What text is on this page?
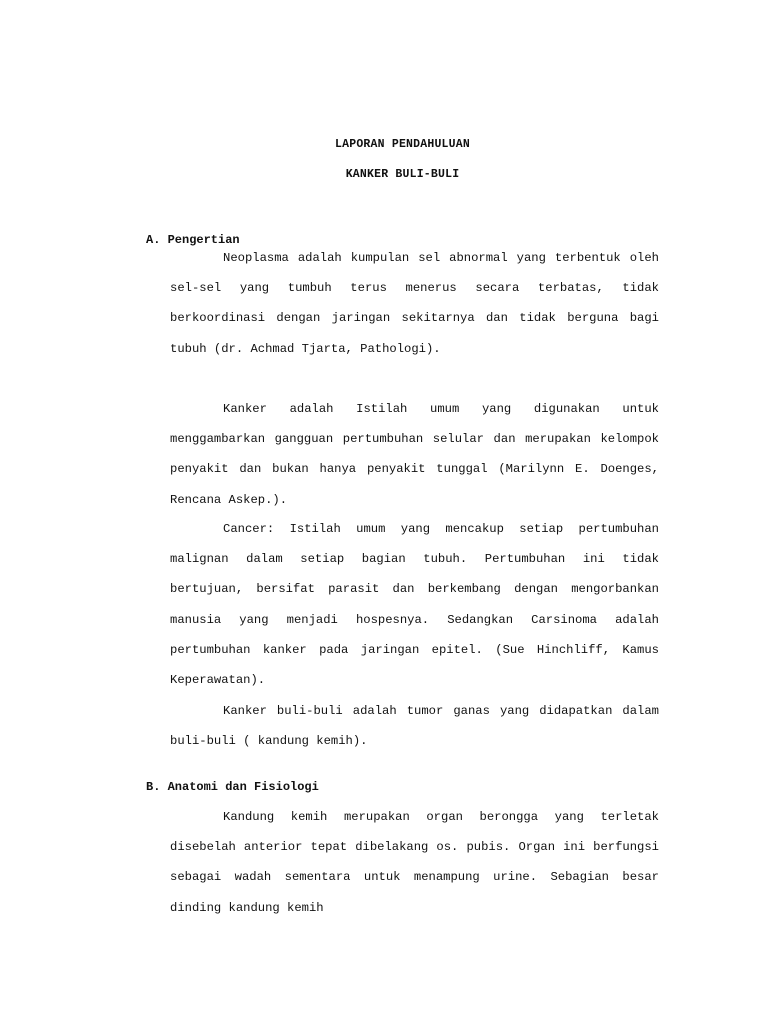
LAPORAN PENDAHULUAN
KANKER BULI-BULI
A. Pengertian

Neoplasma adalah kumpulan sel abnormal yang terbentuk oleh sel-sel yang tumbuh terus menerus secara terbatas, tidak berkoordinasi dengan jaringan sekitarnya dan tidak berguna bagi tubuh (dr. Achmad Tjarta, Pathologi).

Kanker adalah Istilah umum yang digunakan untuk menggambarkan gangguan pertumbuhan selular dan merupakan kelompok penyakit dan bukan hanya penyakit tunggal (Marilynn E. Doenges, Rencana Askep.).

Cancer: Istilah umum yang mencakup setiap pertumbuhan malignan dalam setiap bagian tubuh. Pertumbuhan ini tidak bertujuan, bersifat parasit dan berkembang dengan mengorbankan manusia yang menjadi hospesnya. Sedangkan Carsinoma adalah pertumbuhan kanker pada jaringan epitel. (Sue Hinchliff, Kamus Keperawatan).

Kanker buli-buli adalah tumor ganas yang didapatkan dalam buli-buli ( kandung kemih).

B. Anatomi dan Fisiologi

Kandung kemih merupakan organ berongga yang terletak disebelah anterior tepat dibelakang os. pubis. Organ ini berfungsi sebagai wadah sementara untuk menampung urine. Sebagian besar dinding kandung kemih
